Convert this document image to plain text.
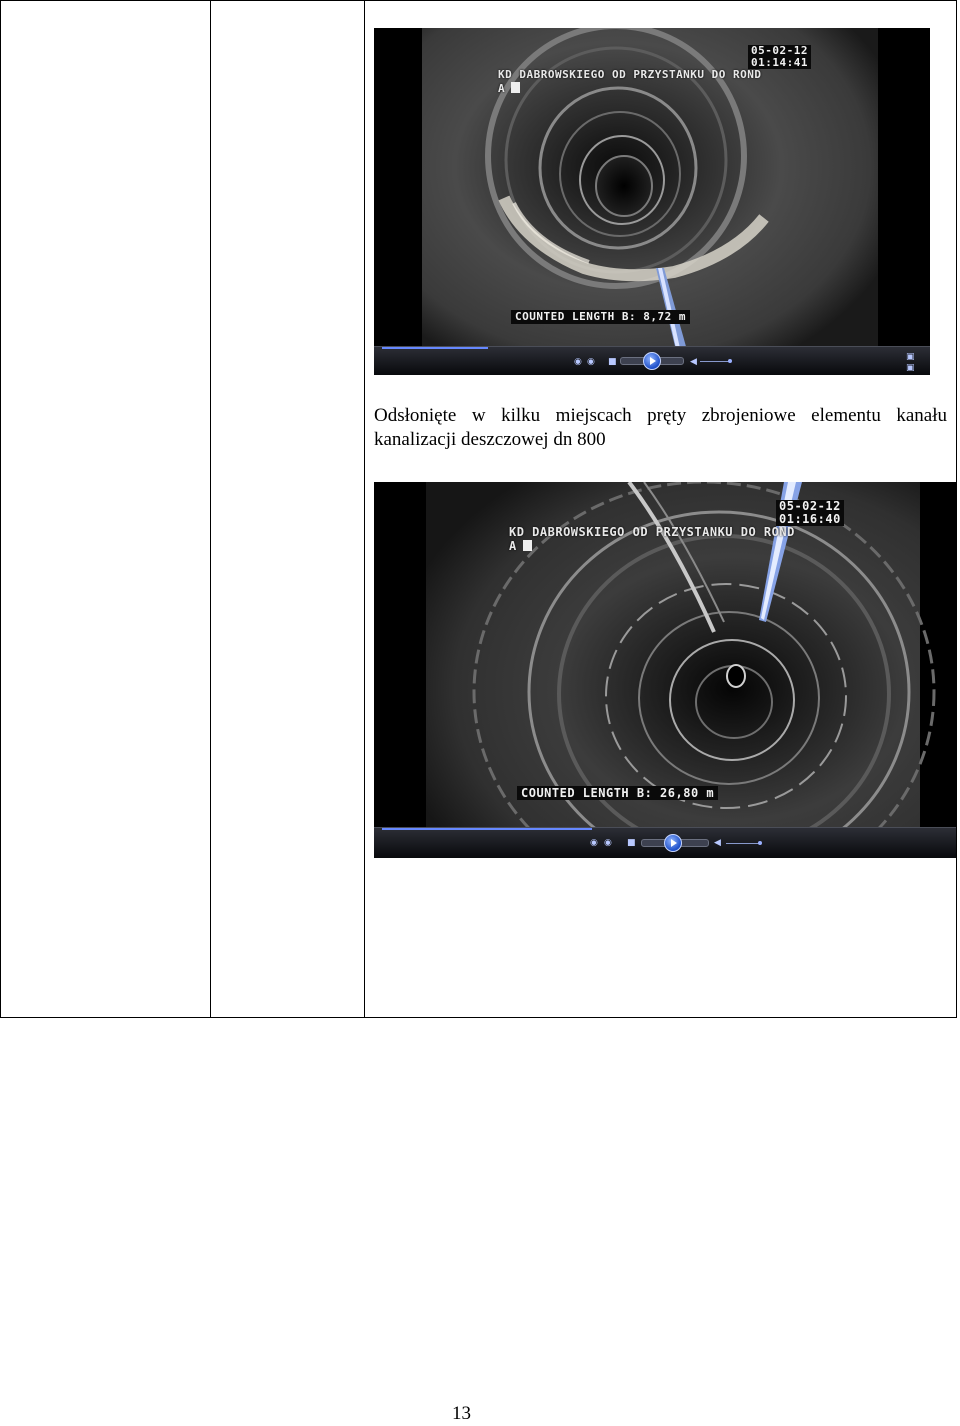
05-02-12
01:14:41
KD DABROWSKIEGO OD PRZYSTANKU DO ROND
A
COUNTED LENGTH B: 8,72 m
◉ ◉ ■	◀	▣
▣
Odsłonięte w kilku miejscach pręty zbrojeniowe elementu kanału kanalizacji deszczowej dn 800
05-02-12
01:16:40
KD DABROWSKIEGO OD PRZYSTANKU DO ROND
A
COUNTED LENGTH B: 26,80 m
◉ ◉ ■	◀
13
